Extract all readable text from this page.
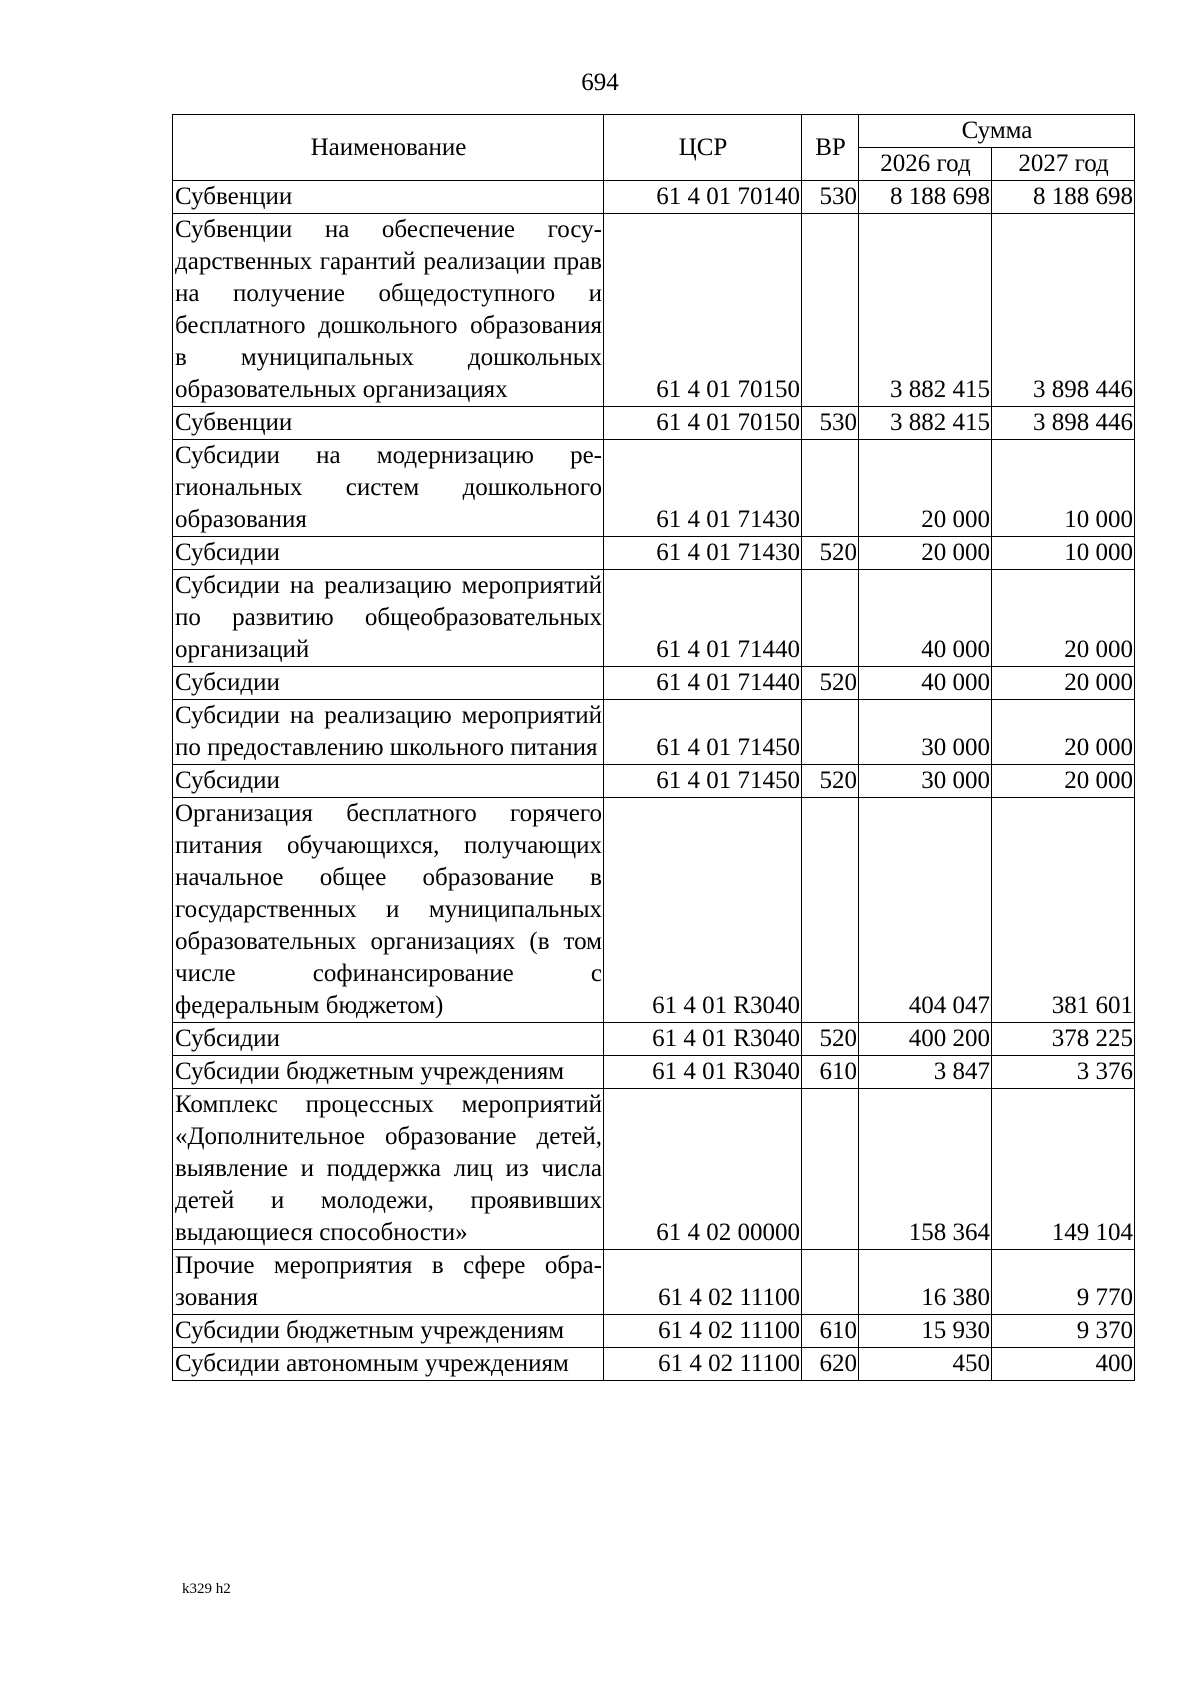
694
Наименование	ЦСР	ВР	Сумма	
			2026 год	2027 год
Субвенции	61 4 01 70140	530	8 188 698	8 188 698
Субвенции на обеспечение государственных гарантий реализации прав на получение общедоступного и бесплатного дошкольного образования в муниципальных дошкольных образовательных организациях	61 4 01 70150		3 882 415	3 898 446
Субвенции	61 4 01 70150	530	3 882 415	3 898 446
Субсидии на модернизацию региональных систем дошкольного образования	61 4 01 71430		20 000	10 000
Субсидии	61 4 01 71430	520	20 000	10 000
Субсидии на реализацию мероприятий по развитию общеобразовательных организаций	61 4 01 71440		40 000	20 000
Субсидии	61 4 01 71440	520	40 000	20 000
Субсидии на реализацию мероприятий по предоставлению школьного питания	61 4 01 71450		30 000	20 000
Субсидии	61 4 01 71450	520	30 000	20 000
Организация бесплатного горячего питания обучающихся, получающих начальное общее образование в государственных и муниципальных образовательных организациях (в том числе софинансирование с федеральным бюджетом)	61 4 01 R3040		404 047	381 601
Субсидии	61 4 01 R3040	520	400 200	378 225
Субсидии бюджетным учреждениям	61 4 01 R3040	610	3 847	3 376
Комплекс процессных мероприятий «Дополнительное образование детей, выявление и поддержка лиц из числа детей и молодежи, проявивших выдающиеся способности»	61 4 02 00000		158 364	149 104
Прочие мероприятия в сфере образования	61 4 02 11100		16 380	9 770
Субсидии бюджетным учреждениям	61 4 02 11100	610	15 930	9 370
Субсидии автономным учреждениям	61 4 02 11100	620	450	400
k329 h2
